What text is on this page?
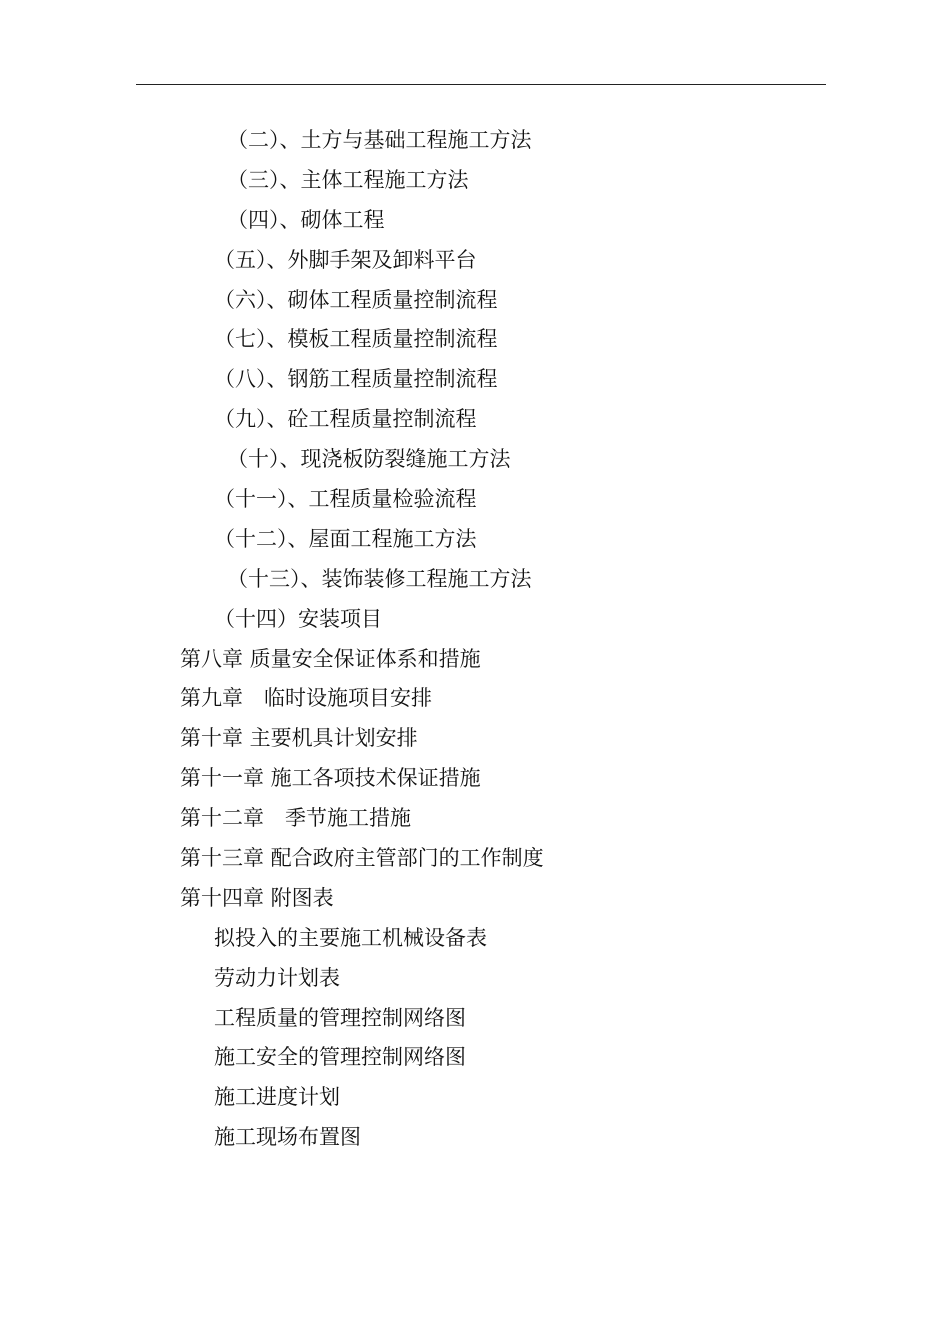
（二）、土方与基础工程施工方法
（三）、主体工程施工方法
（四）、砌体工程
（五）、外脚手架及卸料平台
（六）、砌体工程质量控制流程
（七）、模板工程质量控制流程
（八）、钢筋工程质量控制流程
（九）、砼工程质量控制流程
（十）、现浇板防裂缝施工方法
（十一）、工程质量检验流程
（十二）、屋面工程施工方法
（十三）、装饰装修工程施工方法
（十四）安装项目
第八章 质量安全保证体系和措施
第九章　临时设施项目安排
第十章 主要机具计划安排
第十一章 施工各项技术保证措施
第十二章　季节施工措施
第十三章 配合政府主管部门的工作制度
第十四章 附图表
拟投入的主要施工机械设备表
劳动力计划表
工程质量的管理控制网络图
施工安全的管理控制网络图
施工进度计划
施工现场布置图
